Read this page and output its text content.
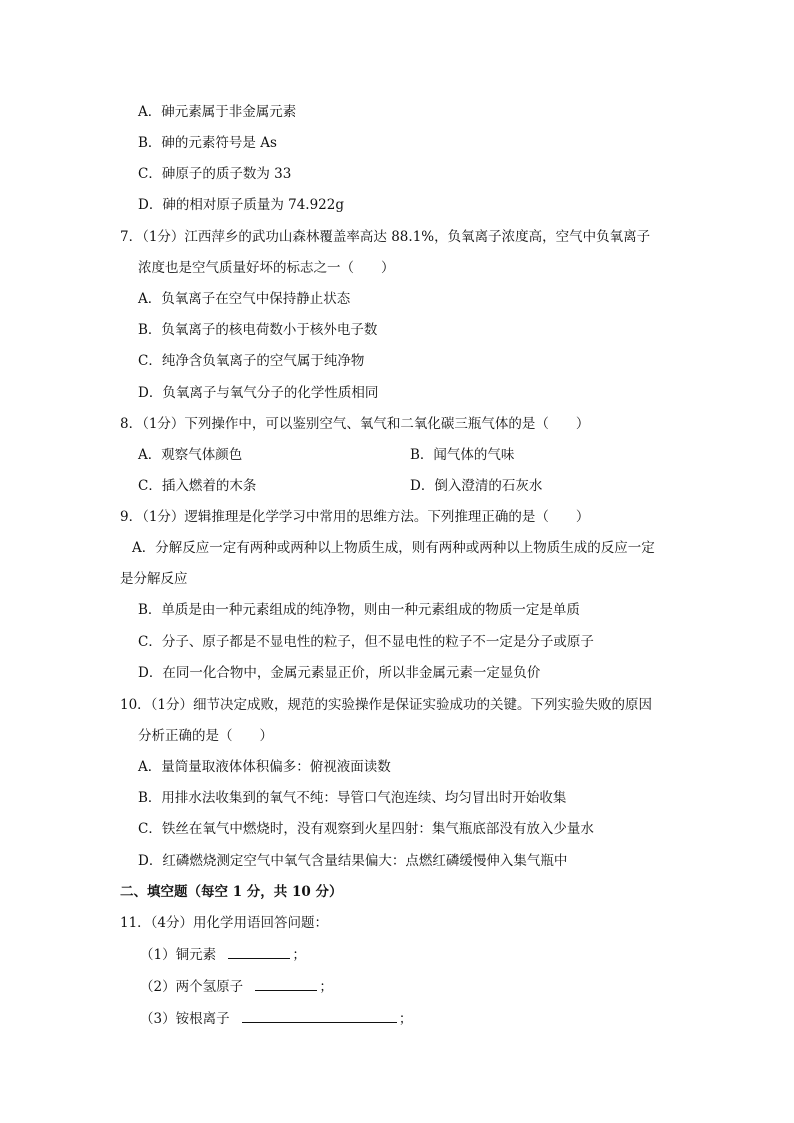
A．砷元素属于非金属元素
B．砷的元素符号是 As
C．砷原子的质子数为 33
D．砷的相对原子质量为 74.922g
7．（1分）江西萍乡的武功山森林覆盖率高达 88.1%，负氧离子浓度高，空气中负氧离子
浓度也是空气质量好坏的标志之一（　　）
A．负氧离子在空气中保持静止状态
B．负氧离子的核电荷数小于核外电子数
C．纯净含负氧离子的空气属于纯净物
D．负氧离子与氧气分子的化学性质相同
8．（1分）下列操作中，可以鉴别空气、氧气和二氧化碳三瓶气体的是（　　）
A．观察气体颜色	B．闻气体的气味
C．插入燃着的木条	D．倒入澄清的石灰水
9．（1分）逻辑推理是化学学习中常用的思维方法。下列推理正确的是（　　）
A．分解反应一定有两种或两种以上物质生成，则有两种或两种以上物质生成的反应一定
是分解反应
B．单质是由一种元素组成的纯净物，则由一种元素组成的物质一定是单质
C．分子、原子都是不显电性的粒子，但不显电性的粒子不一定是分子或原子
D．在同一化合物中，金属元素显正价，所以非金属元素一定显负价
10．（1分）细节决定成败，规范的实验操作是保证实验成功的关键。下列实验失败的原因
分析正确的是（　　）
A．量筒量取液体体积偏多：俯视液面读数
B．用排水法收集到的氧气不纯：导管口气泡连续、均匀冒出时开始收集
C．铁丝在氧气中燃烧时，没有观察到火星四射：集气瓶底部没有放入少量水
D．红磷燃烧测定空气中氧气含量结果偏大：点燃红磷缓慢伸入集气瓶中
二、填空题（每空 1 分，共 10 分）
11．（4分）用化学用语回答问题：
（1）铜元素	；
（2）两个氢原子	；
（3）铵根离子	；
